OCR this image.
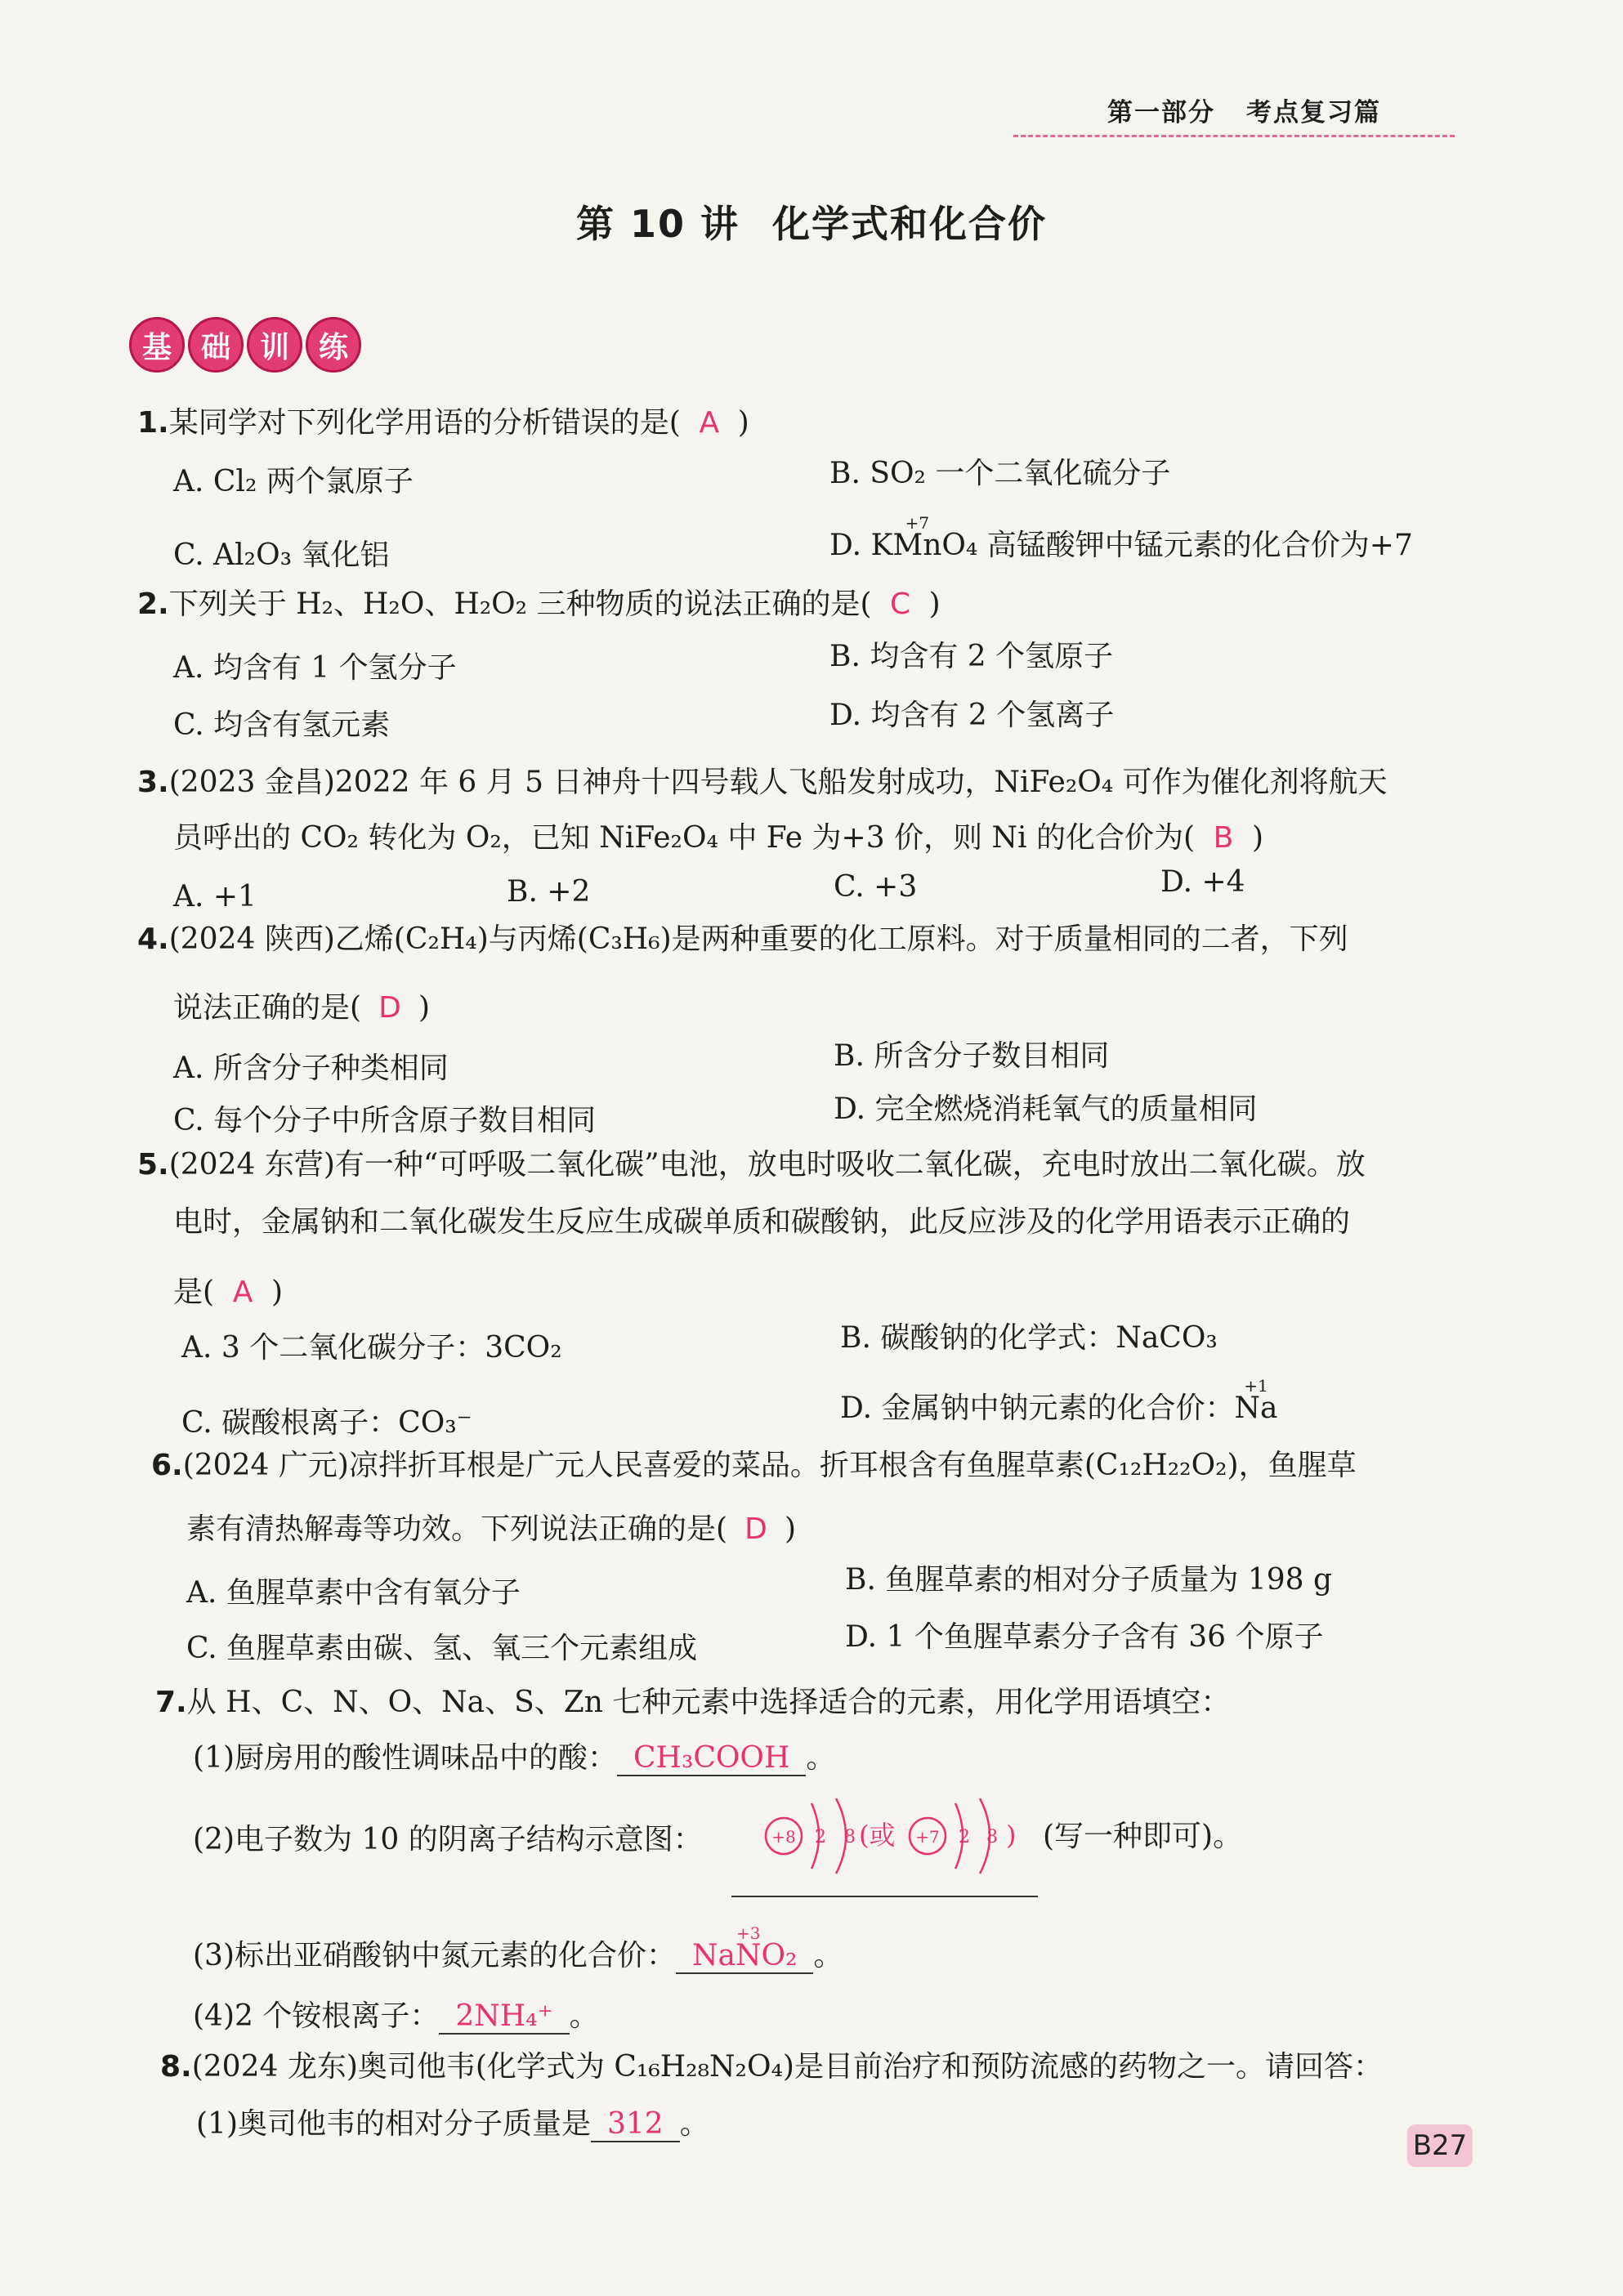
第一部分 考点复习篇
第 10 讲 化学式和化合价
基 础 训 练
1.某同学对下列化学用语的分析错误的是( A )
A. Cl₂ 两个氯原子	B. SO₂ 一个二氧化硫分子
C. Al₂O₃ 氧化铝	D. K
+7
MnO₄ 高锰酸钾中锰元素的化合价为+7
2.下列关于 H₂、H₂O、H₂O₂ 三种物质的说法正确的是( C )
A. 均含有 1 个氢分子	B. 均含有 2 个氢原子
C. 均含有氢元素	D. 均含有 2 个氢离子
3.(2023 金昌)2022 年 6 月 5 日神舟十四号载人飞船发射成功，NiFe₂O₄ 可作为催化剂将航天
员呼出的 CO₂ 转化为 O₂，已知 NiFe₂O₄ 中 Fe 为+3 价，则 Ni 的化合价为( B )
A. +1	B. +2	C. +3	D. +4
4.(2024 陕西)乙烯(C₂H₄)与丙烯(C₃H₆)是两种重要的化工原料。对于质量相同的二者，下列
说法正确的是( D )
A. 所含分子种类相同	B. 所含分子数目相同
C. 每个分子中所含原子数目相同	D. 完全燃烧消耗氧气的质量相同
5.(2024 东营)有一种“可呼吸二氧化碳”电池，放电时吸收二氧化碳，充电时放出二氧化碳。放
电时，金属钠和二氧化碳发生反应生成碳单质和碳酸钠，此反应涉及的化学用语表示正确的
是( A )
A. 3 个二氧化碳分子：3CO₂	B. 碳酸钠的化学式：NaCO₃
C. 碳酸根离子：CO₃⁻	D. 金属钠中钠元素的化合价：
+1
Na
6.(2024 广元)凉拌折耳根是广元人民喜爱的菜品。折耳根含有鱼腥草素(C₁₂H₂₂O₂)，鱼腥草
素有清热解毒等功效。下列说法正确的是( D )
A. 鱼腥草素中含有氧分子	B. 鱼腥草素的相对分子质量为 198 g
C. 鱼腥草素由碳、氢、氧三个元素组成	D. 1 个鱼腥草素分子含有 36 个原子
7.从 H、C、N、O、Na、S、Zn 七种元素中选择适合的元素，用化学用语填空：
(1)厨房用的酸性调味品中的酸： CH₃COOH 。
(2)电子数为 10 的阴离子结构示意图：	+8 2 8 (或 +7 2 8 ) (写一种即可)。
(3)标出亚硝酸钠中氮元素的化合价： Na
+3
NO₂ 。
(4)2 个铵根离子： 2NH₄⁺ 。
8.(2024 龙东)奥司他韦(化学式为 C₁₆H₂₈N₂O₄)是目前治疗和预防流感的药物之一。请回答：
(1)奥司他韦的相对分子质量是 312 。
B27
